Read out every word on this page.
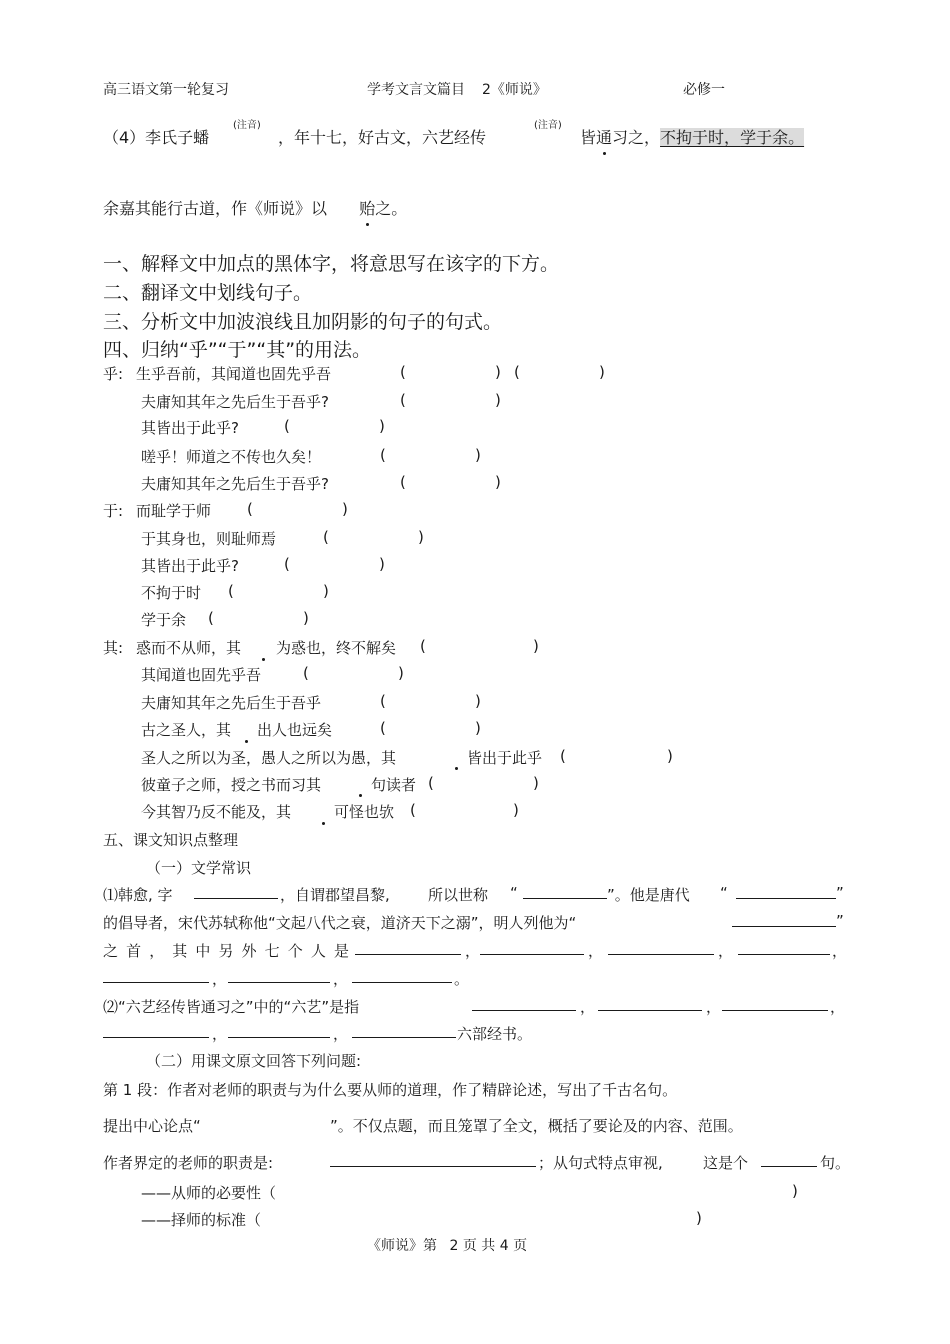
高三语文第一轮复习	学考文言文篇目 2《师说》	必修一
（4）李氏子蟠
(注音)
，年十七，好古文，六艺经传
(注音)
皆通习之，不拘于时，学于余。
余嘉其能行古道，作《师说》以 贻之。
一、解释文中加点的黑体字，将意思写在该字的下方。
二、翻译文中划线句子。
三、分析文中加波浪线且加阴影的句子的句式。
四、归纳“乎”“于”“其”的用法。
乎: 生乎吾前，其闻道也固先乎吾	(	) (	)
夫庸知其年之先后生于吾乎?	(	)
其皆出于此乎?	(	)
嗟乎！师道之不传也久矣！	(	)
夫庸知其年之先后生于吾乎?	(	)
于: 而耻学于师 (	)
于其身也，则耻师焉	(	)
其皆出于此乎?	(	)
不拘于时 (	)
学于余 (	)
其: 惑而不从师，其 为惑也，终不解矣 (	)
其闻道也固先乎吾	(	)
夫庸知其年之先后生于吾乎	(	)
古之圣人，其 出人也远矣	(	)
圣人之所以为圣，愚人之所以为愚，其	皆出于此乎 (	)
彼童子之师，授之书而习其	句读者 (	)
今其智乃反不能及，其	可怪也欤 (	)
五、课文知识点整理
（一）文学常识
⑴韩愈, 字	，自谓郡望昌黎,	所以世称 “	”。他是唐代 “	”
的倡导者，宋代苏轼称他“文起八代之衰，道济天下之溺”，明人列他为“	”
之 首 ， 其 中 另 外 七 个 人 是	，	，	，	，
，	，	。
⑵“六艺经传皆通习之”中的“六艺”是指	，	，	，
，	，	六部经书。
（二）用课文原文回答下列问题:
第 1 段：作者对老师的职责与为什么要从师的道理，作了精辟论述，写出了千古名句。
提出中心论点“	”。不仅点题，而且笼罩了全文，概括了要论及的内容、范围。
作者界定的老师的职责是:	；从句式特点审视,	这是个	句。
——从师的必要性（	)
——择师的标准（	)
《师说》第 2 页 共 4 页
